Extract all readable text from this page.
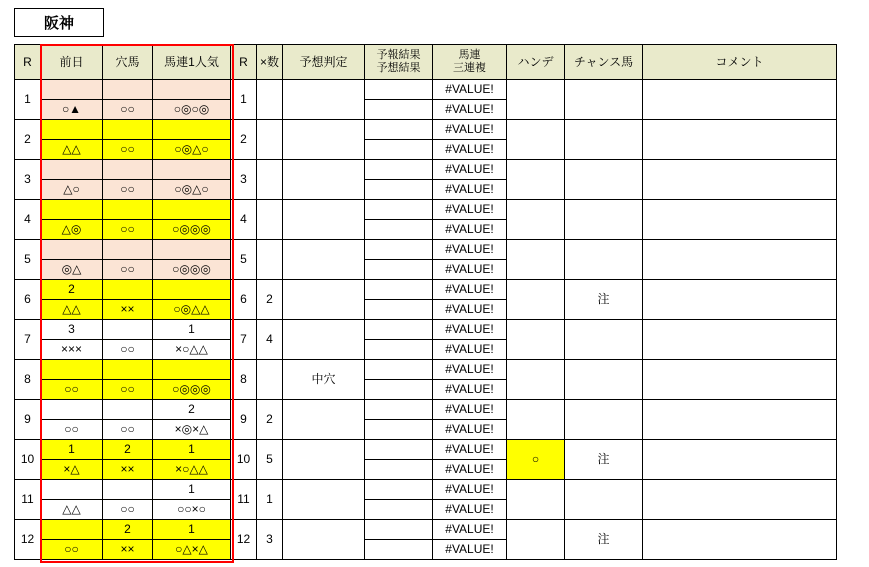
阪神
R	前日	穴馬	馬連1人気	R	×数	予想判定	予報結果
予想結果

馬連
三連複	ハンデ	チャンス馬	コメント
1				1				#VALUE!			
	○▲	○○	○◎○◎					#VALUE!			
2				2				#VALUE!			
	△△	○○	○◎△○					#VALUE!			
3				3				#VALUE!			
	△○	○○	○◎△○					#VALUE!			
4				4				#VALUE!			
	△◎	○○	○◎◎◎					#VALUE!			
5				5				#VALUE!			
	◎△	○○	○◎◎◎					#VALUE!			
6	2			6	2			#VALUE!		注	
	△△	××	○◎△△					#VALUE!			
7	3		1	7	4			#VALUE!			
	×××	○○	×○△△					#VALUE!			
8				8		中穴		#VALUE!			
	○○	○○	○◎◎◎					#VALUE!			
9			2	9	2			#VALUE!			
	○○	○○	×◎×△					#VALUE!			
10	1	2	1	10	5			#VALUE!	○	注	
	×△	××	×○△△					#VALUE!			
11			1	11	1			#VALUE!			
	△△	○○	○○×○					#VALUE!			
12		2	1	12	3			#VALUE!		注	
	○○	××	○△×△					#VALUE!			
